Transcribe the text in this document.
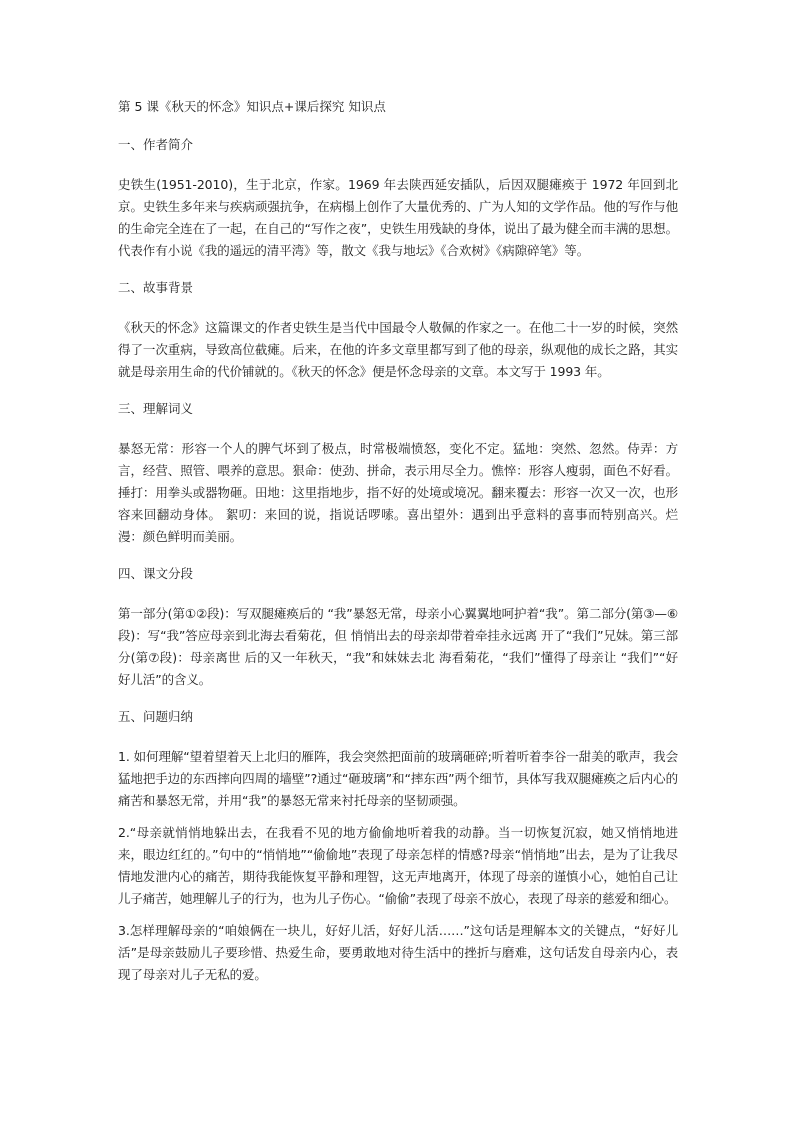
第 5 课《秋天的怀念》知识点+课后探究 知识点
一、作者简介
史铁生(1951-2010)，生于北京，作家。1969 年去陕西延安插队，后因双腿瘫痪于 1972 年回到北京。史铁生多年来与疾病顽强抗争，在病榻上创作了大量优秀的、广为人知的文学作品。他的写作与他的生命完全连在了一起，在自己的“写作之夜”，史铁生用残缺的身体，说出了最为健全而丰满的思想。代表作有小说《我的遥远的清平湾》等，散文《我与地坛》《合欢树》《病隙碎笔》等。
二、故事背景
《秋天的怀念》这篇课文的作者史铁生是当代中国最令人敬佩的作家之一。在他二十一岁的时候，突然得了一次重病，导致高位截瘫。后来，在他的许多文章里都写到了他的母亲，纵观他的成长之路，其实就是母亲用生命的代价铺就的。《秋天的怀念》便是怀念母亲的文章。本文写于 1993 年。
三、理解词义
暴怒无常：形容一个人的脾气坏到了极点，时常极端愤怒，变化不定。猛地：突然、忽然。侍弄：方言，经营、照管、喂养的意思。狠命：使劲、拼命，表示用尽全力。憔悴：形容人瘦弱，面色不好看。 捶打：用拳头或器物砸。田地：这里指地步，指不好的处境或境况。翻来覆去：形容一次又一次，也形容来回翻动身体。 絮叨：来回的说，指说话啰嗦。喜出望外：遇到出乎意料的喜事而特别高兴。烂漫：颜色鲜明而美丽。
四、课文分段
第一部分(第①②段)：写双腿瘫痪后的 “我”暴怒无常，母亲小心翼翼地呵护着“我”。第二部分(第③—⑥段)：写“我”答应母亲到北海去看菊花，但 悄悄出去的母亲却带着牵挂永远离 开了“我们”兄妹。第三部分(第⑦段)：母亲离世 后的又一年秋天，“我”和妹妹去北 海看菊花，“我们”懂得了母亲让 “我们”“好好儿活”的含义。
五、问题归纳
1. 如何理解“望着望着天上北归的雁阵，我会突然把面前的玻璃砸碎;听着听着李谷一甜美的歌声，我会猛地把手边的东西摔向四周的墙壁”?通过“砸玻璃”和“摔东西”两个细节，具体写我双腿瘫痪之后内心的痛苦和暴怒无常，并用“我”的暴怒无常来衬托母亲的坚韧顽强。
2.“母亲就悄悄地躲出去，在我看不见的地方偷偷地听着我的动静。当一切恢复沉寂，她又悄悄地进来，眼边红红的。”句中的“悄悄地”“偷偷地”表现了母亲怎样的情感?母亲“悄悄地”出去，是为了让我尽情地发泄内心的痛苦，期待我能恢复平静和理智，这无声地离开，体现了母亲的谨慎小心，她怕自己让儿子痛苦，她理解儿子的行为，也为儿子伤心。“偷偷”表现了母亲不放心，表现了母亲的慈爱和细心。
3.怎样理解母亲的“咱娘俩在一块儿，好好儿活，好好儿活……”这句话是理解本文的关键点，“好好儿活”是母亲鼓励儿子要珍惜、热爱生命，要勇敢地对待生活中的挫折与磨难，这句话发自母亲内心，表现了母亲对儿子无私的爱。
